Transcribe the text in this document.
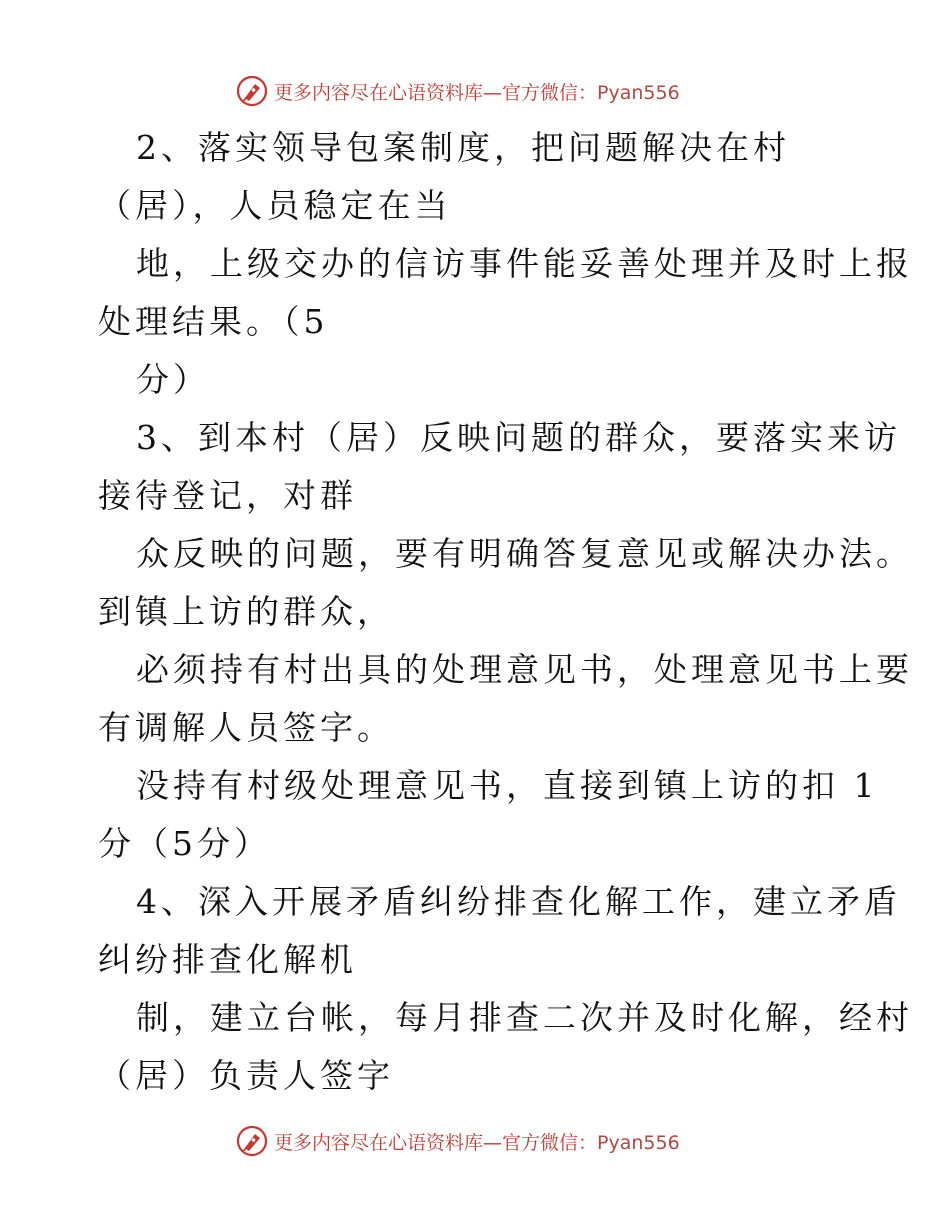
更多内容尽在心语资料库—官方微信：Pyan556
2、落实领导包案制度，把问题解决在村
（居），人员稳定在当
地，上级交办的信访事件能妥善处理并及时上报
处理结果。（5
分）
3、到本村（居）反映问题的群众，要落实来访
接待登记，对群
众反映的问题，要有明确答复意见或解决办法。
到镇上访的群众，
必须持有村出具的处理意见书，处理意见书上要
有调解人员签字。
没持有村级处理意见书，直接到镇上访的扣 1
分（5分）
4、深入开展矛盾纠纷排查化解工作，建立矛盾
纠纷排查化解机
制，建立台帐，每月排查二次并及时化解，经村
（居）负责人签字
更多内容尽在心语资料库—官方微信：Pyan556
